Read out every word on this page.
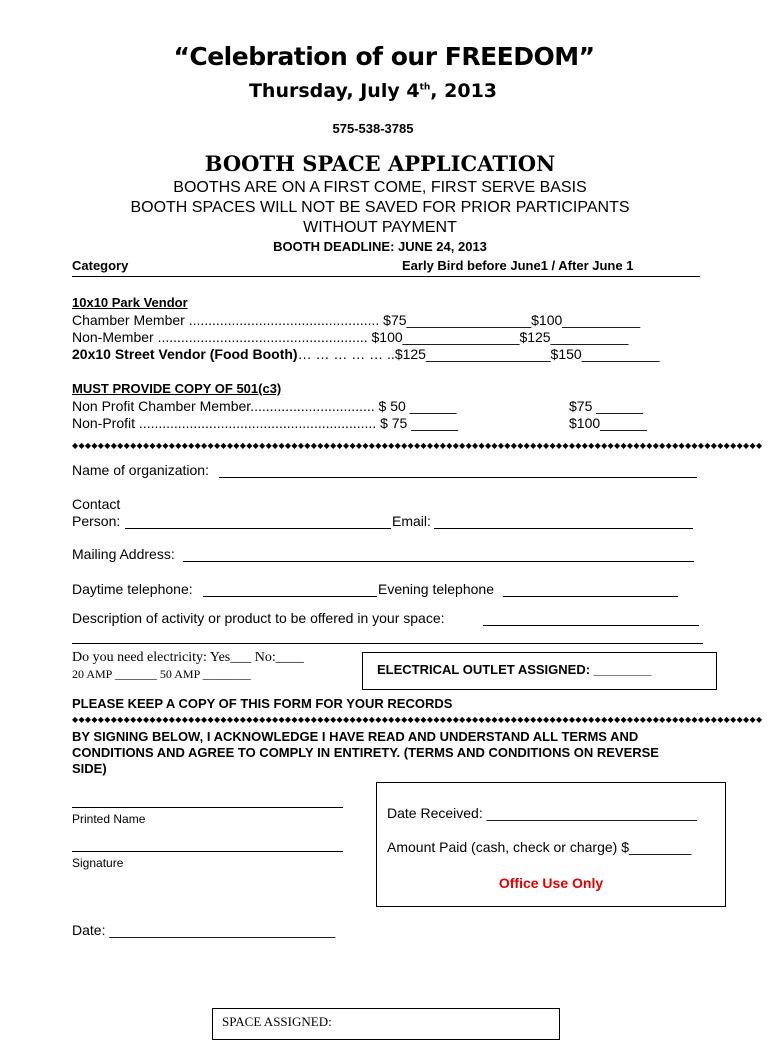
“Celebration of our FREEDOM”
Thursday, July 4th, 2013
575-538-3785
BOOTH SPACE APPLICATION
BOOTHS ARE ON A FIRST COME, FIRST SERVE BASIS
BOOTH SPACES WILL NOT BE SAVED FOR PRIOR PARTICIPANTS
WITHOUT PAYMENT
BOOTH DEADLINE: JUNE 24, 2013
Category	Early Bird before June1 / After June 1
10x10 Park Vendor
Chamber Member ................................................. $75________________$100__________
Non-Member ...................................................... $100_______________$125__________
20x10 Street Vendor (Food Booth)… … … … … ..$125________________$150__________
MUST PROVIDE COPY OF 501(c3)
Non Profit Chamber Member................................ $ 50 ______	$75 ______
Non-Profit ............................................................. $ 75 ______	$100______
◆◆◆◆◆◆◆◆◆◆◆◆◆◆◆◆◆◆◆◆◆◆◆◆◆◆◆◆◆◆◆◆◆◆◆◆◆◆◆◆◆◆◆◆◆◆◆◆◆◆◆◆◆◆◆◆◆◆◆◆◆◆◆◆◆◆◆◆◆◆◆◆◆◆◆◆◆◆◆◆◆◆◆◆◆◆◆◆◆◆◆◆◆◆◆◆◆◆◆◆◆◆◆◆◆◆◆
Name of organization:
Contact
Person:	Email:
Mailing Address:
Daytime telephone:	Evening telephone
Description of activity or product to be offered in your space:
Do you need electricity: Yes___ No:____
20 AMP _______ 50 AMP ________	ELECTRICAL OUTLET ASSIGNED: ________
PLEASE KEEP A COPY OF THIS FORM FOR YOUR RECORDS
◆◆◆◆◆◆◆◆◆◆◆◆◆◆◆◆◆◆◆◆◆◆◆◆◆◆◆◆◆◆◆◆◆◆◆◆◆◆◆◆◆◆◆◆◆◆◆◆◆◆◆◆◆◆◆◆◆◆◆◆◆◆◆◆◆◆◆◆◆◆◆◆◆◆◆◆◆◆◆◆◆◆◆◆◆◆◆◆◆◆◆◆◆◆◆◆◆◆◆◆◆◆◆◆◆◆◆
BY SIGNING BELOW, I ACKNOWLEDGE I HAVE READ AND UNDERSTAND ALL TERMS AND
CONDITIONS AND AGREE TO COMPLY IN ENTIRETY. (TERMS AND CONDITIONS ON REVERSE
SIDE)
Printed Name
Signature
Date: _____________________________
Date Received: ___________________________
Amount Paid (cash, check or charge) $________
Office Use Only
SPACE ASSIGNED:
